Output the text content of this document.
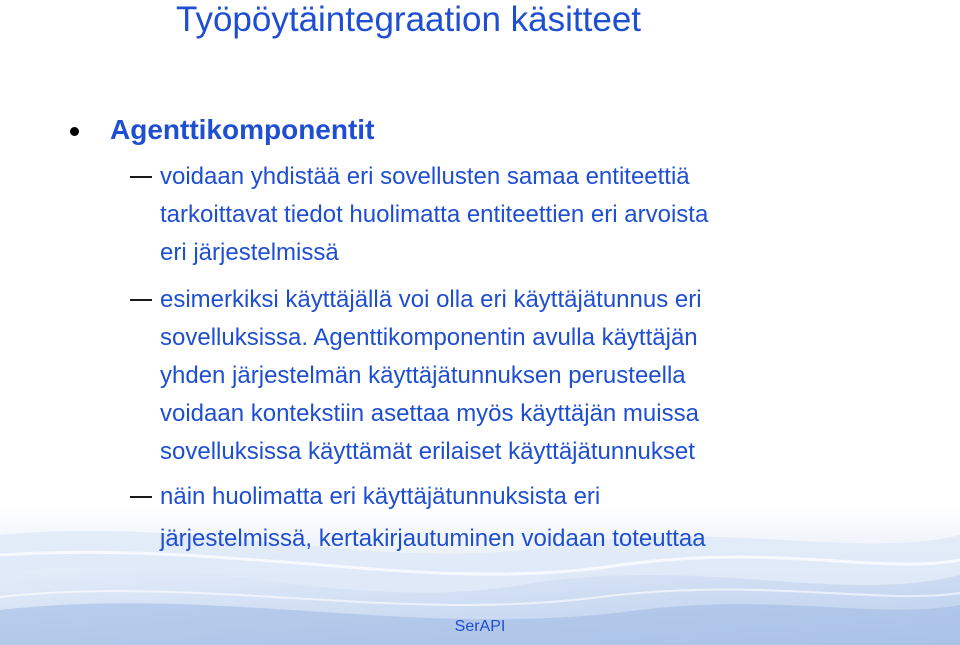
Työpöytäintegraation käsitteet
Agenttikomponentit
voidaan yhdistää eri sovellusten samaa entiteettiä
tarkoittavat tiedot huolimatta entiteettien eri arvoista
eri järjestelmissä
esimerkiksi käyttäjällä voi olla eri käyttäjätunnus eri
sovelluksissa. Agenttikomponentin avulla käyttäjän
yhden järjestelmän käyttäjätunnuksen perusteella
voidaan kontekstiin asettaa myös käyttäjän muissa
sovelluksissa käyttämät erilaiset käyttäjätunnukset
näin huolimatta eri käyttäjätunnuksista eri
järjestelmissä, kertakirjautuminen voidaan toteuttaa
SerAPI
